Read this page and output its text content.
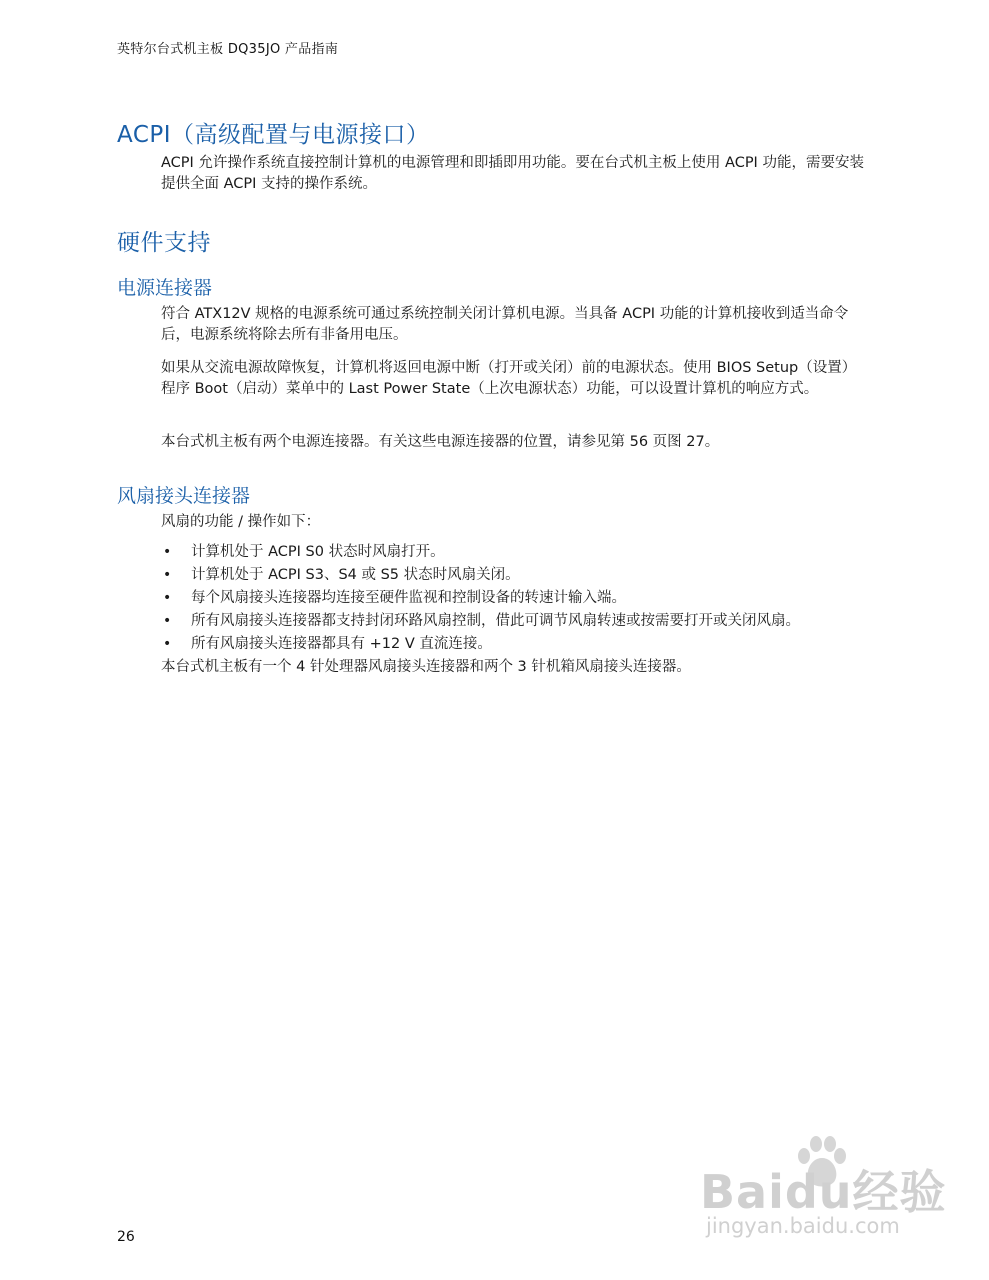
英特尔台式机主板 DQ35JO 产品指南
ACPI（高级配置与电源接口）

ACPI 允许操作系统直接控制计算机的电源管理和即插即用功能。要在台式机主板上使用 ACPI 功能，需要安装提供全面 ACPI 支持的操作系统。

硬件支持
电源连接器

符合 ATX12V 规格的电源系统可通过系统控制关闭计算机电源。当具备 ACPI 功能的计算机接收到适当命令后，电源系统将除去所有非备用电压。

如果从交流电源故障恢复，计算机将返回电源中断（打开或关闭）前的电源状态。使用 BIOS Setup（设置）程序 Boot（启动）菜单中的 Last Power State（上次电源状态）功能，可以设置计算机的响应方式。

本台式机主板有两个电源连接器。有关这些电源连接器的位置，请参见第 56 页图 27。

风扇接头连接器

风扇的功能 / 操作如下：

• 计算机处于 ACPI S0 状态时风扇打开。
• 计算机处于 ACPI S3、S4 或 S5 状态时风扇关闭。
• 每个风扇接头连接器均连接至硬件监视和控制设备的转速计输入端。
• 所有风扇接头连接器都支持封闭环路风扇控制，借此可调节风扇转速或按需要打开或关闭风扇。
• 所有风扇接头连接器都具有 +12 V 直流连接。

本台式机主板有一个 4 针处理器风扇接头连接器和两个 3 针机箱风扇接头连接器。

26
Baidu经验
jingyan.baidu.com
